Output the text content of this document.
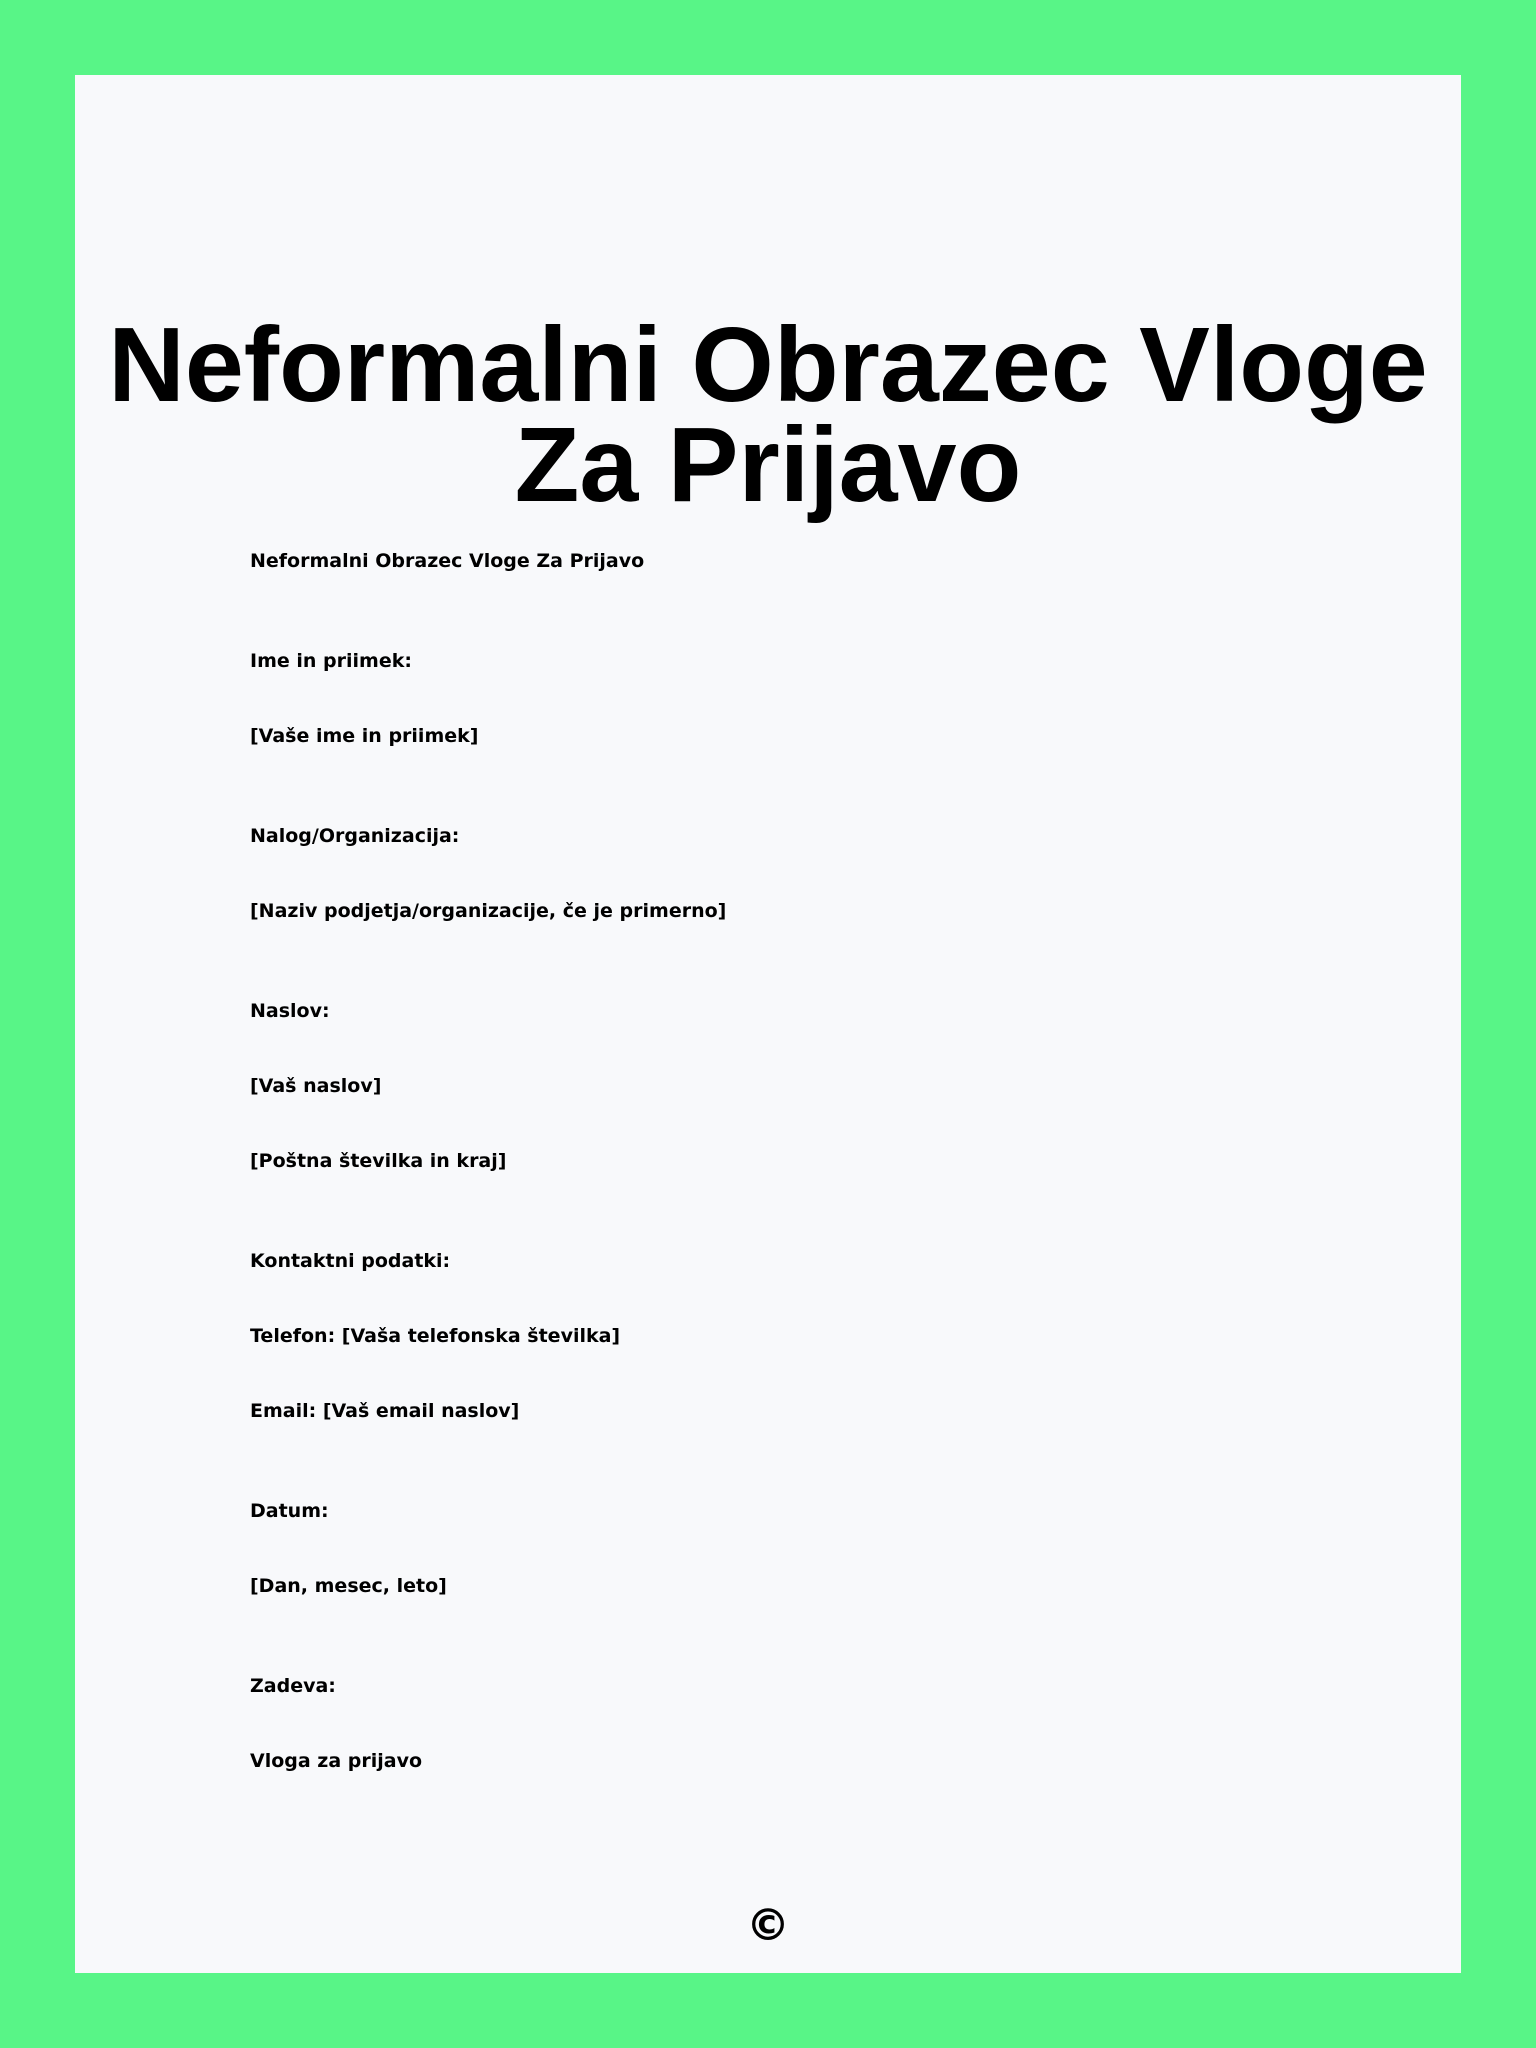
Neformalni Obrazec Vloge Za Prijavo

Neformalni Obrazec Vloge Za Prijavo

Ime in priimek:

[Vaše ime in priimek]

Nalog/Organizacija:

[Naziv podjetja/organizacije, če je primerno]

Naslov:

[Vaš naslov]

[Poštna številka in kraj]

Kontaktni podatki:

Telefon: [Vaša telefonska številka]

Email: [Vaš email naslov]

Datum:

[Dan, mesec, leto]

Zadeva:

Vloga za prijavo

©
